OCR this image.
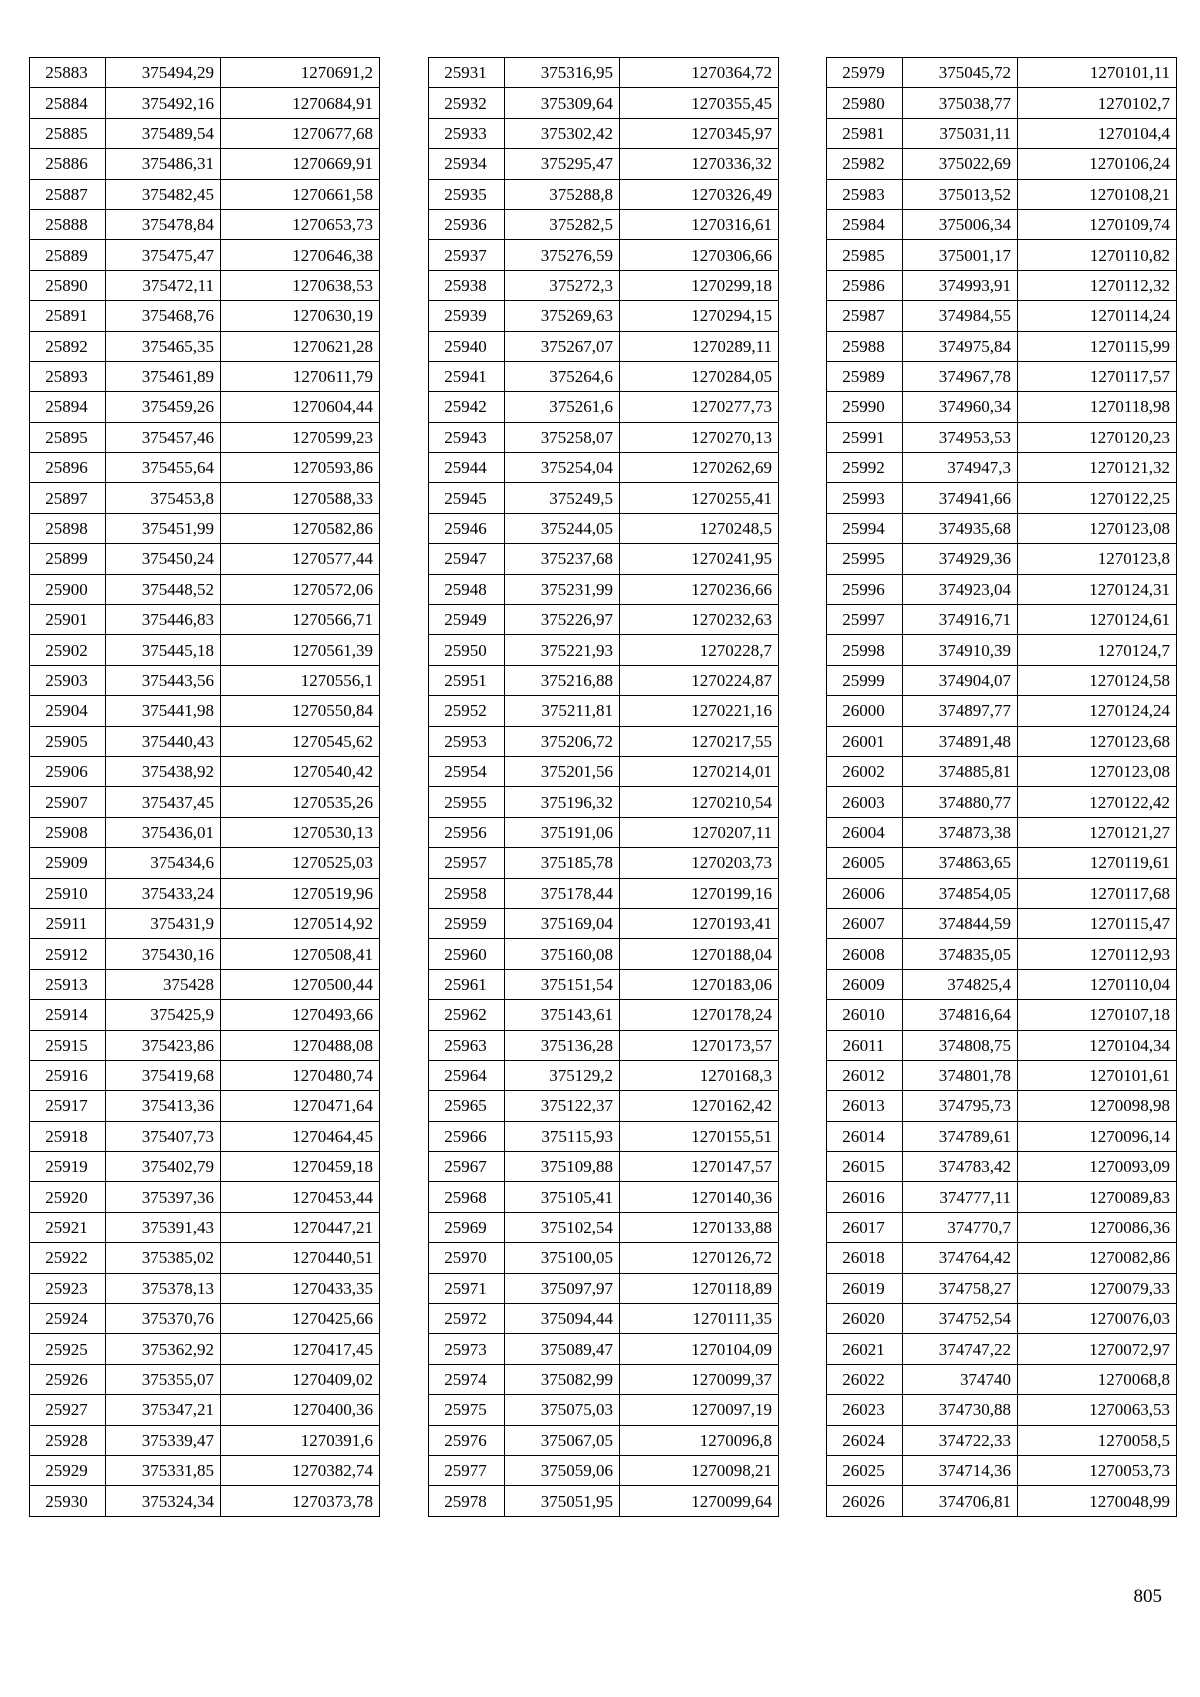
25883	375494,29	1270691,2
25884	375492,16	1270684,91
25885	375489,54	1270677,68
25886	375486,31	1270669,91
25887	375482,45	1270661,58
25888	375478,84	1270653,73
25889	375475,47	1270646,38
25890	375472,11	1270638,53
25891	375468,76	1270630,19
25892	375465,35	1270621,28
25893	375461,89	1270611,79
25894	375459,26	1270604,44
25895	375457,46	1270599,23
25896	375455,64	1270593,86
25897	375453,8	1270588,33
25898	375451,99	1270582,86
25899	375450,24	1270577,44
25900	375448,52	1270572,06
25901	375446,83	1270566,71
25902	375445,18	1270561,39
25903	375443,56	1270556,1
25904	375441,98	1270550,84
25905	375440,43	1270545,62
25906	375438,92	1270540,42
25907	375437,45	1270535,26
25908	375436,01	1270530,13
25909	375434,6	1270525,03
25910	375433,24	1270519,96
25911	375431,9	1270514,92
25912	375430,16	1270508,41
25913	375428	1270500,44
25914	375425,9	1270493,66
25915	375423,86	1270488,08
25916	375419,68	1270480,74
25917	375413,36	1270471,64
25918	375407,73	1270464,45
25919	375402,79	1270459,18
25920	375397,36	1270453,44
25921	375391,43	1270447,21
25922	375385,02	1270440,51
25923	375378,13	1270433,35
25924	375370,76	1270425,66
25925	375362,92	1270417,45
25926	375355,07	1270409,02
25927	375347,21	1270400,36
25928	375339,47	1270391,6
25929	375331,85	1270382,74
25930	375324,34	1270373,78
25931	375316,95	1270364,72
25932	375309,64	1270355,45
25933	375302,42	1270345,97
25934	375295,47	1270336,32
25935	375288,8	1270326,49
25936	375282,5	1270316,61
25937	375276,59	1270306,66
25938	375272,3	1270299,18
25939	375269,63	1270294,15
25940	375267,07	1270289,11
25941	375264,6	1270284,05
25942	375261,6	1270277,73
25943	375258,07	1270270,13
25944	375254,04	1270262,69
25945	375249,5	1270255,41
25946	375244,05	1270248,5
25947	375237,68	1270241,95
25948	375231,99	1270236,66
25949	375226,97	1270232,63
25950	375221,93	1270228,7
25951	375216,88	1270224,87
25952	375211,81	1270221,16
25953	375206,72	1270217,55
25954	375201,56	1270214,01
25955	375196,32	1270210,54
25956	375191,06	1270207,11
25957	375185,78	1270203,73
25958	375178,44	1270199,16
25959	375169,04	1270193,41
25960	375160,08	1270188,04
25961	375151,54	1270183,06
25962	375143,61	1270178,24
25963	375136,28	1270173,57
25964	375129,2	1270168,3
25965	375122,37	1270162,42
25966	375115,93	1270155,51
25967	375109,88	1270147,57
25968	375105,41	1270140,36
25969	375102,54	1270133,88
25970	375100,05	1270126,72
25971	375097,97	1270118,89
25972	375094,44	1270111,35
25973	375089,47	1270104,09
25974	375082,99	1270099,37
25975	375075,03	1270097,19
25976	375067,05	1270096,8
25977	375059,06	1270098,21
25978	375051,95	1270099,64
25979	375045,72	1270101,11
25980	375038,77	1270102,7
25981	375031,11	1270104,4
25982	375022,69	1270106,24
25983	375013,52	1270108,21
25984	375006,34	1270109,74
25985	375001,17	1270110,82
25986	374993,91	1270112,32
25987	374984,55	1270114,24
25988	374975,84	1270115,99
25989	374967,78	1270117,57
25990	374960,34	1270118,98
25991	374953,53	1270120,23
25992	374947,3	1270121,32
25993	374941,66	1270122,25
25994	374935,68	1270123,08
25995	374929,36	1270123,8
25996	374923,04	1270124,31
25997	374916,71	1270124,61
25998	374910,39	1270124,7
25999	374904,07	1270124,58
26000	374897,77	1270124,24
26001	374891,48	1270123,68
26002	374885,81	1270123,08
26003	374880,77	1270122,42
26004	374873,38	1270121,27
26005	374863,65	1270119,61
26006	374854,05	1270117,68
26007	374844,59	1270115,47
26008	374835,05	1270112,93
26009	374825,4	1270110,04
26010	374816,64	1270107,18
26011	374808,75	1270104,34
26012	374801,78	1270101,61
26013	374795,73	1270098,98
26014	374789,61	1270096,14
26015	374783,42	1270093,09
26016	374777,11	1270089,83
26017	374770,7	1270086,36
26018	374764,42	1270082,86
26019	374758,27	1270079,33
26020	374752,54	1270076,03
26021	374747,22	1270072,97
26022	374740	1270068,8
26023	374730,88	1270063,53
26024	374722,33	1270058,5
26025	374714,36	1270053,73
26026	374706,81	1270048,99
805
